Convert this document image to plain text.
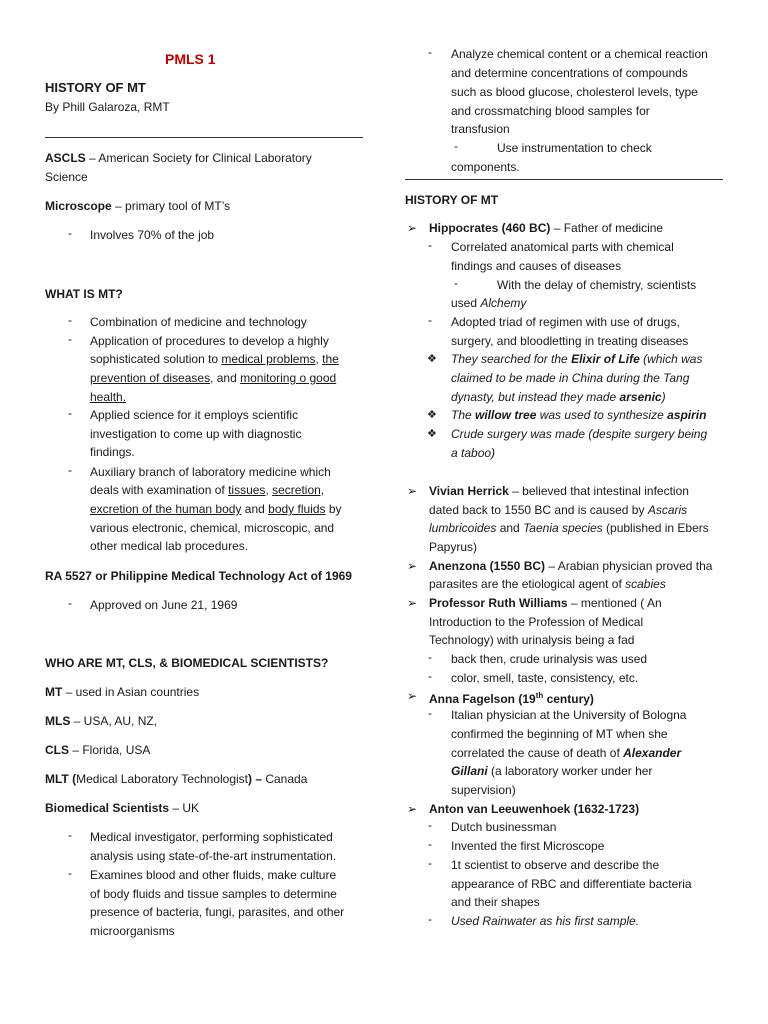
PMLS 1
HISTORY OF MT
By Phill Galaroza, RMT
ASCLS – American Society for Clinical Laboratory
Science
Microscope – primary tool of MT’s
- Involves 70% of the job
WHAT IS MT?
- Combination of medicine and technology
- Application of procedures to develop a highly
sophisticated solution to medical problems, the
prevention of diseases, and monitoring o good
health.
- Applied science for it employs scientific
investigation to come up with diagnostic
findings.
- Auxiliary branch of laboratory medicine which
deals with examination of tissues, secretion,
excretion of the human body and body fluids by
various electronic, chemical, microscopic, and
other medical lab procedures.
RA 5527 or Philippine Medical Technology Act of 1969
- Approved on June 21, 1969
WHO ARE MT, CLS, & BIOMEDICAL SCIENTISTS?
MT – used in Asian countries
MLS – USA, AU, NZ,
CLS – Florida, USA
MLT (Medical Laboratory Technologist) – Canada
Biomedical Scientists – UK
- Medical investigator, performing sophisticated
analysis using state-of-the-art instrumentation.
- Examines blood and other fluids, make culture
of body fluids and tissue samples to determine
presence of bacteria, fungi, parasites, and other
microorganisms
- Analyze chemical content or a chemical reaction
and determine concentrations of compounds
such as blood glucose, cholesterol levels, type
and crossmatching blood samples for
transfusion
-	Use instrumentation to check
components.
HISTORY OF MT
➢ Hippocrates (460 BC) – Father of medicine
- Correlated anatomical parts with chemical
findings and causes of diseases
-	With the delay of chemistry, scientists
used Alchemy
- Adopted triad of regimen with use of drugs,
surgery, and bloodletting in treating diseases
❖ They searched for the Elixir of Life (which was
claimed to be made in China during the Tang
dynasty, but instead they made arsenic)
❖ The willow tree was used to synthesize aspirin
❖ Crude surgery was made (despite surgery being
a taboo)
➢ Vivian Herrick – believed that intestinal infection
dated back to 1550 BC and is caused by Ascaris
lumbricoides and Taenia species (published in Ebers
Papyrus)
➢ Anenzona (1550 BC) – Arabian physician proved tha
parasites are the etiological agent of scabies
➢ Professor Ruth Williams – mentioned ( An
Introduction to the Profession of Medical
Technology) with urinalysis being a fad
- back then, crude urinalysis was used
- color, smell, taste, consistency, etc.
➢ Anna Fagelson (19th century)
- Italian physician at the University of Bologna
confirmed the beginning of MT when she
correlated the cause of death of Alexander
Gillani (a laboratory worker under her
supervision)
➢ Anton van Leeuwenhoek (1632-1723)
- Dutch businessman
- Invented the first Microscope
- 1t scientist to observe and describe the
appearance of RBC and differentiate bacteria
and their shapes
- Used Rainwater as his first sample.
